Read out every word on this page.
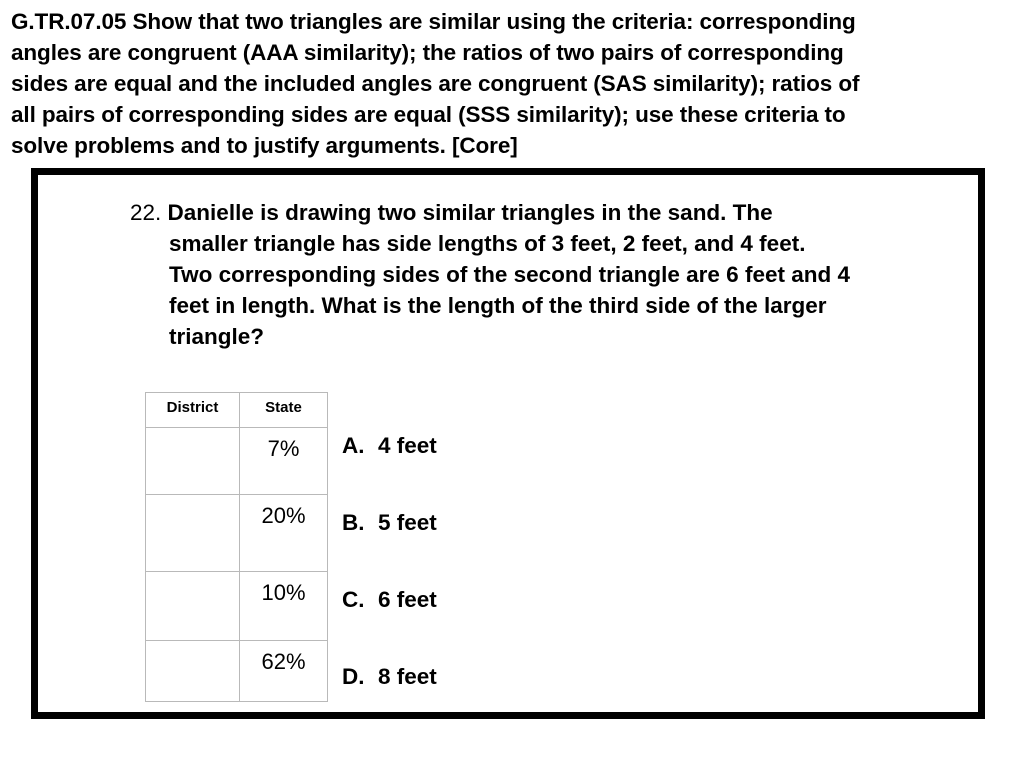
G.TR.07.05 Show that two triangles are similar using the criteria: corresponding
angles are congruent (AAA similarity); the ratios of two pairs of corresponding
sides are equal and the included angles are congruent (SAS similarity); ratios of
all pairs of corresponding sides are equal (SSS similarity); use these criteria to
solve problems and to justify arguments. [Core]
22. Danielle is drawing two similar triangles in the sand. The
smaller triangle has side lengths of 3 feet, 2 feet, and 4 feet.
Two corresponding sides of the second triangle are 6 feet and 4
feet in length. What is the length of the third side of the larger
triangle?
District	State
	7%
	20%
	10%
	62%
A. 4 feet
B. 5 feet
C. 6 feet
D. 8 feet
